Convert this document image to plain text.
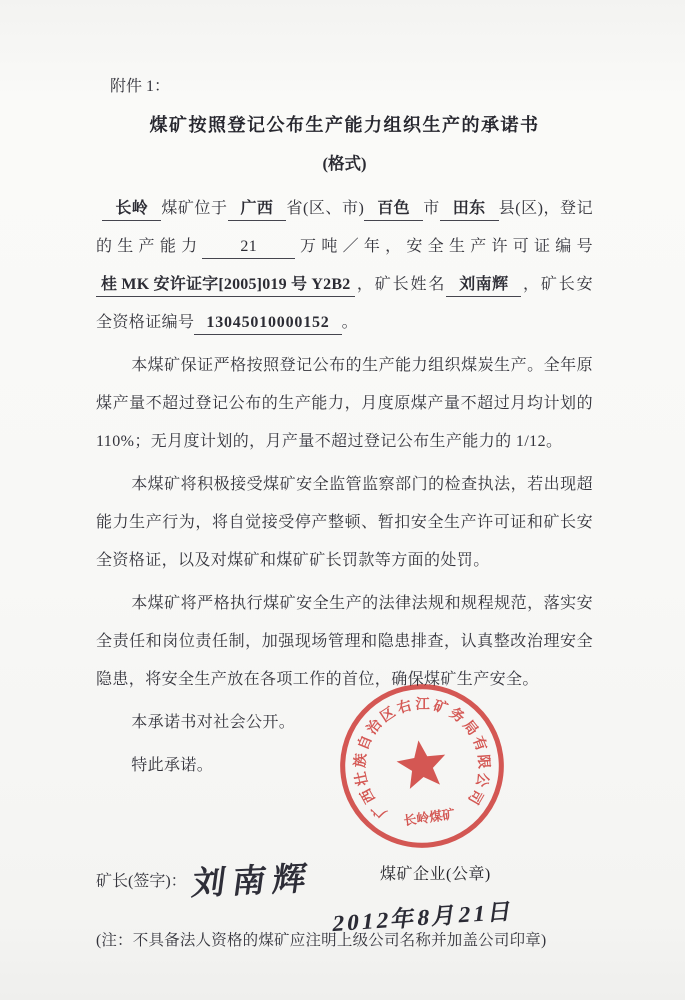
附件 1：

煤矿按照登记公布生产能力组织生产的承诺书

(格式)

长岭 煤矿位于 广西 省(区、市) 百色 市 田东 县(区)，登记的生产能力 21 万吨／年，安全生产许可证编号桂 MK 安许证字[2005]019 号 Y2B2 ，矿长姓名 刘南辉 ，矿长安全资格证编号 13045010000152 。

本煤矿保证严格按照登记公布的生产能力组织煤炭生产。全年原煤产量不超过登记公布的生产能力，月度原煤产量不超过月均计划的110%；无月度计划的，月产量不超过登记公布生产能力的 1/12。

本煤矿将积极接受煤矿安全监管监察部门的检查执法，若出现超能力生产行为，将自觉接受停产整顿、暂扣安全生产许可证和矿长安全资格证，以及对煤矿和煤矿矿长罚款等方面的处罚。

本煤矿将严格执行煤矿安全生产的法律法规和规程规范，落实安全责任和岗位责任制，加强现场管理和隐患排查，认真整改治理安全隐患，将安全生产放在各项工作的首位，确保煤矿生产安全。

本承诺书对社会公开。

特此承诺。

矿长(签字)：刘南辉	煤矿企业(公章)
2012年8月21日

(注：不具备法人资格的煤矿应注明上级公司名称并加盖公司印章)

广
西
壮
族
自
治
区
右 江 矿
务
局
有
限
公
司
长岭煤矿
